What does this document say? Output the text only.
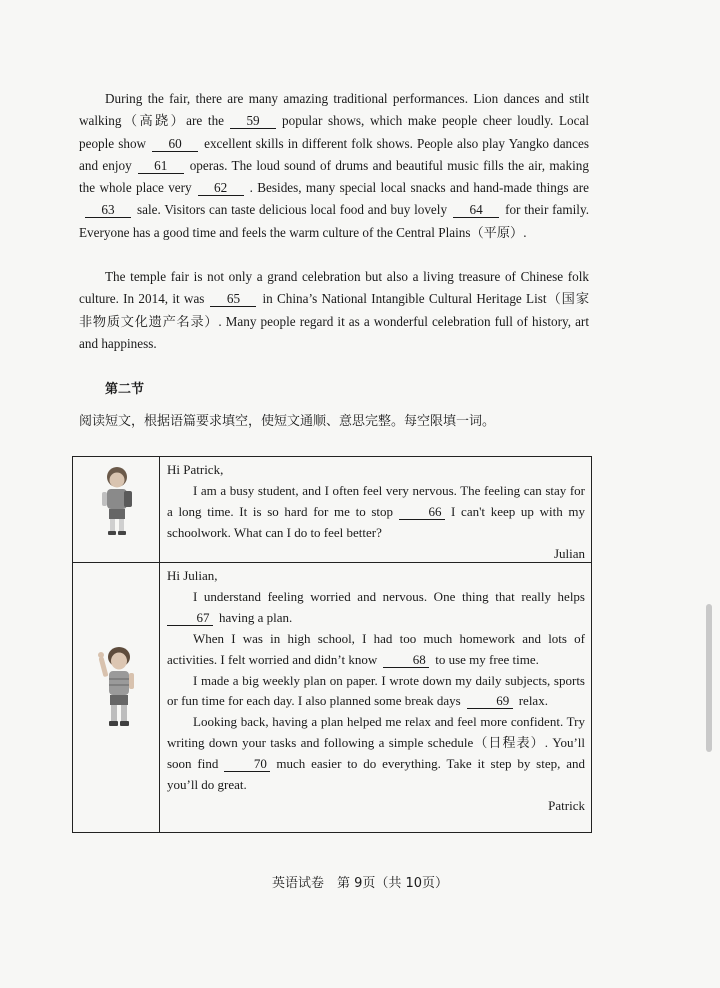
During the fair, there are many amazing traditional performances. Lion dances and stilt walking（高跷）are the 59 popular shows, which make people cheer loudly. Local people show 60 excellent skills in different folk shows. People also play Yangko dances and enjoy 61 operas. The loud sound of drums and beautiful music fills the air, making the whole place very 62 . Besides, many special local snacks and hand-made things are63 sale. Visitors can taste delicious local food and buy lovely 64 for their family. Everyone has a good time and feels the warm culture of the Central Plains（平原）.
The temple fair is not only a grand celebration but also a living treasure of Chinese folk culture. In 2014, it was 65 in China’s National Intangible Cultural Heritage List（国家非物质文化遗产名录）. Many people regard it as a wonderful celebration full of history, art and happiness.
第二节
阅读短文，根据语篇要求填空，使短文通顺、意思完整。每空限填一词。
Hi Patrick,
I am a busy student, and I often feel very nervous. The feeling can stay for a long time. It is so hard for me to stop	66 I can't keep up with my schoolwork. What can I do to feel better?
Julian
Hi Julian,
I understand feeling worried and nervous. One thing that really helps 67 having a plan.
When I was in high school, I had too much homework and lots of activities. I felt worried and didn’t know	68 to use my free time.
I made a big weekly plan on paper. I wrote down my daily subjects, sports or fun time for each day. I also planned some break days	69 relax.
Looking back, having a plan helped me relax and feel more confident. Try writing down your tasks and following a simple schedule（日程表）. You’ll soon find	70 much easier to do everything. Take it step by step, and you’ll do great.
Patrick
英语试卷　第 9页（共 10页）
